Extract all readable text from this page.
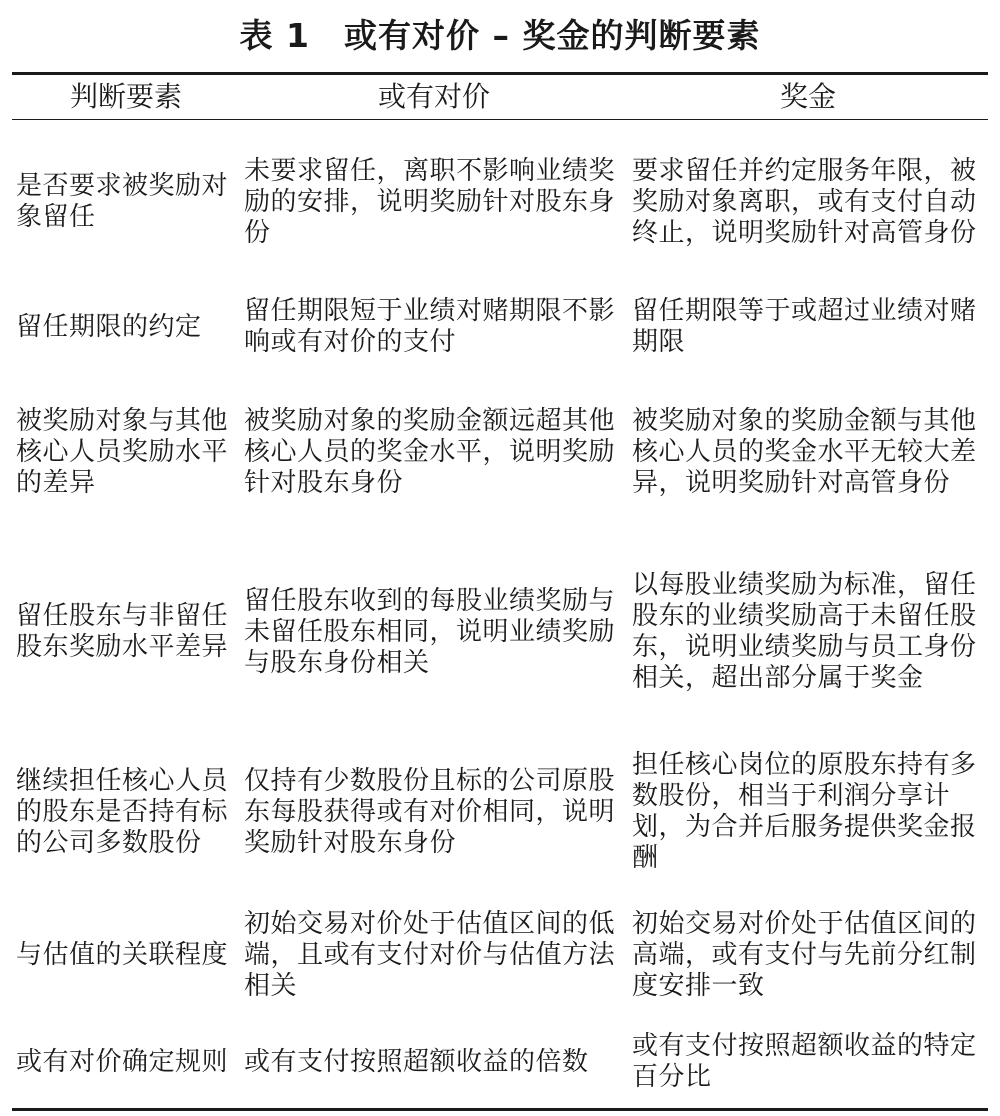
表 1　或有对价 – 奖金的判断要素
判断要素	或有对价	奖金
是否要求被奖励对象留任	未要求留任，离职不影响业绩奖励的安排，说明奖励针对股东身份	要求留任并约定服务年限，被奖励对象离职，或有支付自动终止，说明奖励针对高管身份
留任期限的约定	留任期限短于业绩对赌期限不影响或有对价的支付	留任期限等于或超过业绩对赌期限
被奖励对象与其他核心人员奖励水平的差异	被奖励对象的奖励金额远超其他核心人员的奖金水平，说明奖励针对股东身份	被奖励对象的奖励金额与其他核心人员的奖金水平无较大差异，说明奖励针对高管身份
留任股东与非留任股东奖励水平差异	留任股东收到的每股业绩奖励与未留任股东相同，说明业绩奖励与股东身份相关	以每股业绩奖励为标准，留任股东的业绩奖励高于未留任股东，说明业绩奖励与员工身份相关，超出部分属于奖金
继续担任核心人员的股东是否持有标的公司多数股份	仅持有少数股份且标的公司原股东每股获得或有对价相同，说明奖励针对股东身份	担任核心岗位的原股东持有多数股份，相当于利润分享计划，为合并后服务提供奖金报酬
与估值的关联程度	初始交易对价处于估值区间的低端，且或有支付对价与估值方法相关	初始交易对价处于估值区间的高端，或有支付与先前分红制度安排一致
或有对价确定规则	或有支付按照超额收益的倍数	或有支付按照超额收益的特定百分比
